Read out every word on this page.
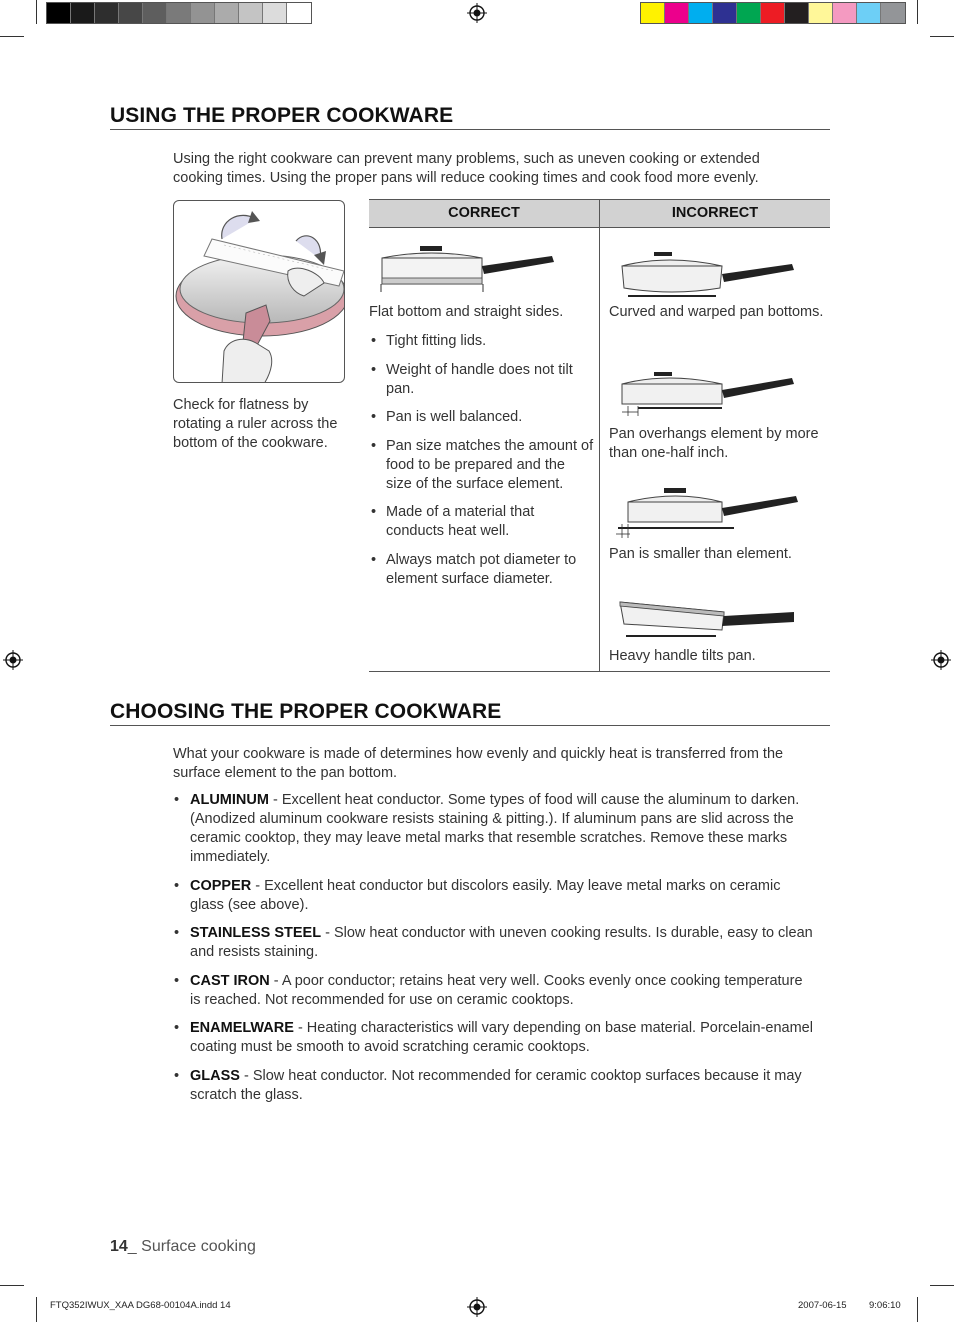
USING THE PROPER COOKWARE

Using the right cookware can prevent many problems, such as uneven cooking or extended cooking times. Using the proper pans will reduce cooking times and cook food more evenly.

Check for flatness by rotating a ruler across the bottom of the cookware.

CORRECT	INCORRECT

Flat bottom and straight sides.

• Tight fitting lids.
• Weight of handle does not tilt pan.
• Pan is well balanced.
• Pan size matches the amount of food to be prepared and the size of the surface element.
• Made of a material that conducts heat well.
• Always match pot diameter to element surface diameter.

Curved and warped pan bottoms.

Pan overhangs element by more than one-half inch.

Pan is smaller than element.

Heavy handle tilts pan.

CHOOSING THE PROPER COOKWARE

What your cookware is made of determines how evenly and quickly heat is transferred from the surface element to the pan bottom.

• ALUMINUM - Excellent heat conductor. Some types of food will cause the aluminum to darken. (Anodized aluminum cookware resists staining & pitting.). If aluminum pans are slid across the ceramic cooktop, they may leave metal marks that resemble scratches. Remove these marks immediately.
• COPPER - Excellent heat conductor but discolors easily. May leave metal marks on ceramic glass (see above).
• STAINLESS STEEL - Slow heat conductor with uneven cooking results. Is durable, easy to clean and resists staining.
• CAST IRON - A poor conductor; retains heat very well. Cooks evenly once cooking temperature is reached. Not recommended for use on ceramic cooktops.
• ENAMELWARE - Heating characteristics will vary depending on base material. Porcelain-enamel coating must be smooth to avoid scratching ceramic cooktops.
• GLASS - Slow heat conductor. Not recommended for ceramic cooktop surfaces because it may scratch the glass.
14_ Surface cooking
FTQ352IWUX_XAA DG68-00104A.indd 14	2007-06-15 9:06:10
